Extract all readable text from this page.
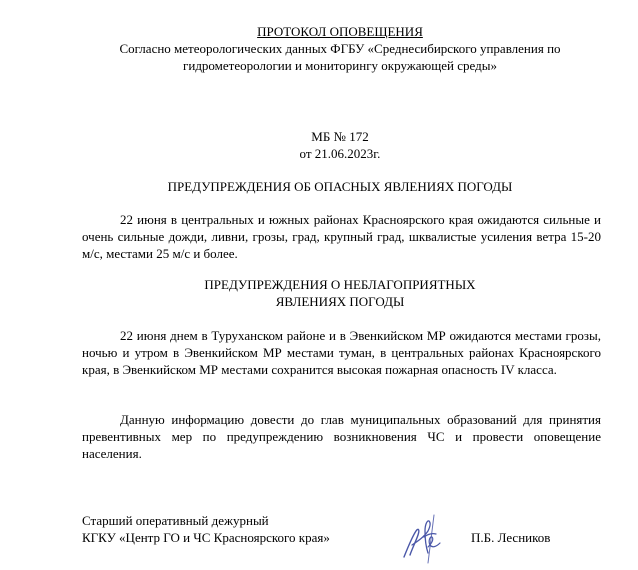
ПРОТОКОЛ ОПОВЕЩЕНИЯ
Согласно метеорологических данных ФГБУ «Среднесибирского управления по
гидрометеорологии и мониторингу окружающей среды»
МБ № 172
от 21.06.2023г.
ПРЕДУПРЕЖДЕНИЯ ОБ ОПАСНЫХ ЯВЛЕНИЯХ ПОГОДЫ
22 июня в центральных и южных районах Красноярского края ожидаются сильные и очень сильные дожди, ливни, грозы, град, крупный град, шквалистые усиления ветра 15-20 м/с, местами 25 м/с и более.
ПРЕДУПРЕЖДЕНИЯ О НЕБЛАГОПРИЯТНЫХ
ЯВЛЕНИЯХ ПОГОДЫ
22 июня днем в Туруханском районе и в Эвенкийском МР ожидаются местами грозы, ночью и утром в Эвенкийском МР местами туман, в центральных районах Красноярского края, в Эвенкийском МР местами сохранится высокая пожарная опасность IV класса.
Данную информацию довести до глав муниципальных образований для принятия превентивных мер по предупреждению возникновения ЧС и провести оповещение населения.
Старший оперативный дежурный
КГКУ «Центр ГО и ЧС Красноярского края»	П.Б. Лесников
